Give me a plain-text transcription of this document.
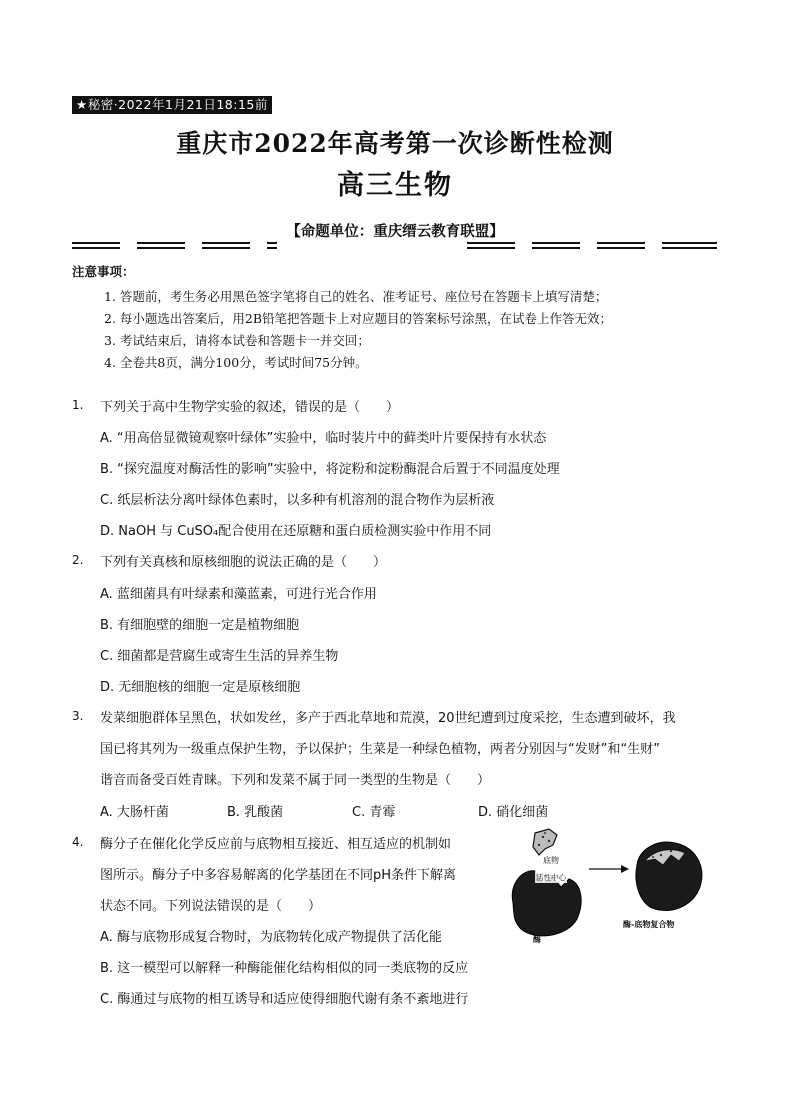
★秘密·2022年1月21日18:15前
重庆市2022年高考第一次诊断性检测
高三生物
【命题单位：重庆缙云教育联盟】
注意事项：
1. 答题前，考生务必用黑色签字笔将自己的姓名、准考证号、座位号在答题卡上填写清楚；
2. 每小题选出答案后，用2B铅笔把答题卡上对应题目的答案标号涂黑，在试卷上作答无效；
3. 考试结束后，请将本试卷和答题卡一并交回；
4. 全卷共8页，满分100分，考试时间75分钟。
1. 下列关于高中生物学实验的叙述，错误的是（　　）
A. “用高倍显微镜观察叶绿体”实验中，临时装片中的藓类叶片要保持有水状态
B. “探究温度对酶活性的影响”实验中，将淀粉和淀粉酶混合后置于不同温度处理
C. 纸层析法分离叶绿体色素时，以多种有机溶剂的混合物作为层析液
D. NaOH 与 CuSO₄配合使用在还原糖和蛋白质检测实验中作用不同
2. 下列有关真核和原核细胞的说法正确的是（　　）
A. 蓝细菌具有叶绿素和藻蓝素，可进行光合作用
B. 有细胞壁的细胞一定是植物细胞
C. 细菌都是营腐生或寄生生活的异养生物
D. 无细胞核的细胞一定是原核细胞
3. 发菜细胞群体呈黑色，状如发丝，多产于西北草地和荒漠，20世纪遭到过度采挖，生态遭到破坏，我
国已将其列为一级重点保护生物，予以保护；生菜是一种绿色植物，两者分别因与“发财”和“生财”
谐音而备受百姓青睐。下列和发菜不属于同一类型的生物是（　　）
A. 大肠杆菌	B. 乳酸菌	C. 青霉	D. 硝化细菌
4. 酶分子在催化化学反应前与底物相互接近、相互适应的机制如
图所示。酶分子中多容易解离的化学基团在不同pH条件下解离
状态不同。下列说法错误的是（　　）
A. 酶与底物形成复合物时，为底物转化成产物提供了活化能
B. 这一模型可以解释一种酶能催化结构相似的同一类底物的反应
C. 酶通过与底物的相互诱导和适应使得细胞代谢有条不紊地进行
底物
活性中心
酶
酶-底物复合物
